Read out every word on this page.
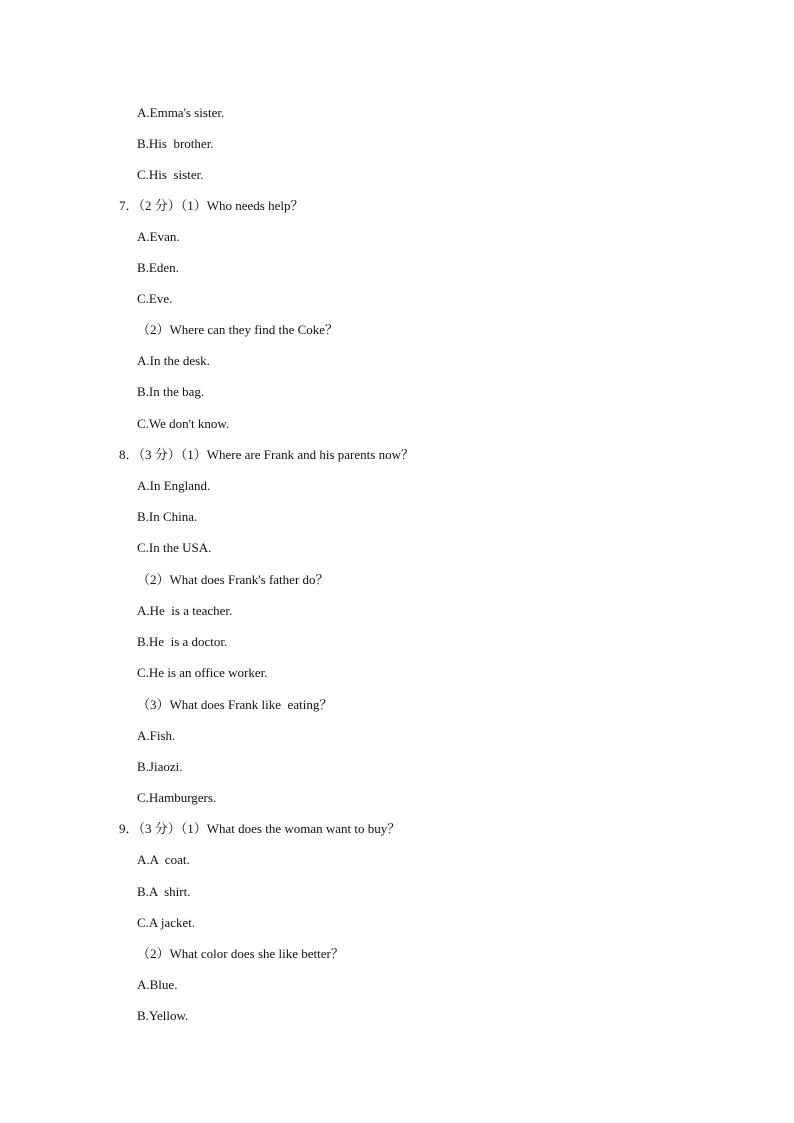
A.Emma's sister.
B.His  brother.
C.His  sister.
7．（2 分）（1）Who needs help？
A.Evan.
B.Eden.
C.Eve.
（2）Where can they find the Coke？
A.In the desk.
B.In the bag.
C.We don't know.
8．（3 分）（1）Where are Frank and his parents now？
A.In England.
B.In China.
C.In the USA.
（2）What does Frank's father do？
A.He  is a teacher.
B.He  is a doctor.
C.He is an office worker.
（3）What does Frank like  eating？
A.Fish.
B.Jiaozi.
C.Hamburgers.
9．（3 分）（1）What does the woman want to buy？
A.A  coat.
B.A  shirt.
C.A jacket.
（2）What color does she like better？
A.Blue.
B.Yellow.
